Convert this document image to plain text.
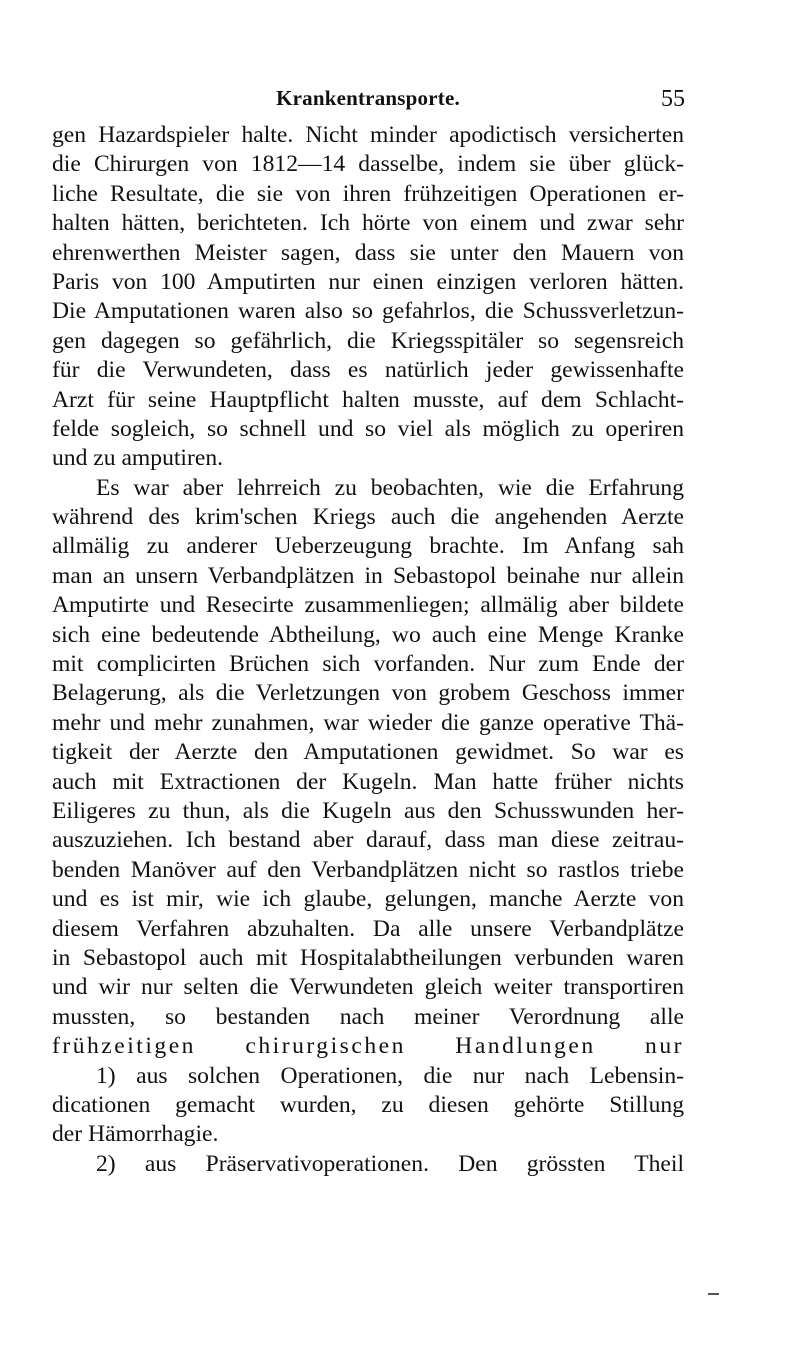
Krankentransporte.	55
gen Hazardspieler halte. Nicht minder apodictisch versicherten
die Chirurgen von 1812—14 dasselbe, indem sie über glück-
liche Resultate, die sie von ihren frühzeitigen Operationen er-
halten hätten, berichteten. Ich hörte von einem und zwar sehr
ehrenwerthen Meister sagen, dass sie unter den Mauern von
Paris von 100 Amputirten nur einen einzigen verloren hätten.
Die Amputationen waren also so gefahrlos, die Schussverletzun-
gen dagegen so gefährlich, die Kriegsspitäler so segensreich
für die Verwundeten, dass es natürlich jeder gewissenhafte
Arzt für seine Hauptpflicht halten musste, auf dem Schlacht-
felde sogleich, so schnell und so viel als möglich zu operiren
und zu amputiren.
Es war aber lehrreich zu beobachten, wie die Erfahrung
während des krim'schen Kriegs auch die angehenden Aerzte
allmälig zu anderer Ueberzeugung brachte. Im Anfang sah
man an unsern Verbandplätzen in Sebastopol beinahe nur allein
Amputirte und Resecirte zusammenliegen; allmälig aber bildete
sich eine bedeutende Abtheilung, wo auch eine Menge Kranke
mit complicirten Brüchen sich vorfanden. Nur zum Ende der
Belagerung, als die Verletzungen von grobem Geschoss immer
mehr und mehr zunahmen, war wieder die ganze operative Thä-
tigkeit der Aerzte den Amputationen gewidmet. So war es
auch mit Extractionen der Kugeln. Man hatte früher nichts
Eiligeres zu thun, als die Kugeln aus den Schusswunden her-
auszuziehen. Ich bestand aber darauf, dass man diese zeitrau-
benden Manöver auf den Verbandplätzen nicht so rastlos triebe
und es ist mir, wie ich glaube, gelungen, manche Aerzte von
diesem Verfahren abzuhalten. Da alle unsere Verbandplätze
in Sebastopol auch mit Hospitalabtheilungen verbunden waren
und wir nur selten die Verwundeten gleich weiter transportiren
mussten, so bestanden nach meiner Verordnung alle
frühzeitigen chirurgischen Handlungen nur
1) aus solchen Operationen, die nur nach Lebensin-
dicationen gemacht wurden, zu diesen gehörte Stillung
der Hämorrhagie.
2) aus Präservativoperationen. Den grössten Theil
